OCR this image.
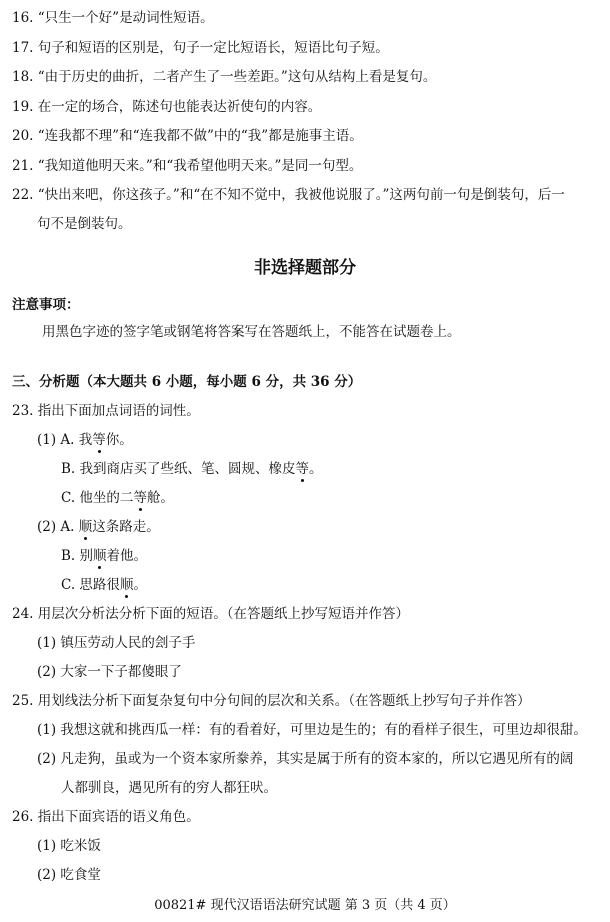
16. “只生一个好”是动词性短语。
17. 句子和短语的区别是，句子一定比短语长，短语比句子短。
18. “由于历史的曲折，二者产生了一些差距。”这句从结构上看是复句。
19. 在一定的场合，陈述句也能表达祈使句的内容。
20. “连我都不理”和“连我都不做”中的“我”都是施事主语。
21. “我知道他明天来。”和“我希望他明天来。”是同一句型。
22. “快出来吧，你这孩子。”和“在不知不觉中，我被他说服了。”这两句前一句是倒装句，后一
句不是倒装句。
非选择题部分
注意事项：
用黑色字迹的签字笔或钢笔将答案写在答题纸上，不能答在试题卷上。
三、分析题（本大题共 6 小题，每小题 6 分，共 36 分）
23. 指出下面加点词语的词性。
(1) A. 我等你。
B. 我到商店买了些纸、笔、圆规、橡皮等。
C. 他坐的二等舱。
(2) A. 顺这条路走。
B. 别顺着他。
C. 思路很顺。
24. 用层次分析法分析下面的短语。（在答题纸上抄写短语并作答）
(1) 镇压劳动人民的刽子手
(2) 大家一下子都傻眼了
25. 用划线法分析下面复杂复句中分句间的层次和关系。（在答题纸上抄写句子并作答）
(1) 我想这就和挑西瓜一样：有的看着好，可里边是生的；有的看样子很生，可里边却很甜。
(2) 凡走狗，虽或为一个资本家所豢养，其实是属于所有的资本家的，所以它遇见所有的阔
人都驯良，遇见所有的穷人都狂吠。
26. 指出下面宾语的语义角色。
(1) 吃米饭
(2) 吃食堂
00821# 现代汉语语法研究试题 第 3 页（共 4 页）
